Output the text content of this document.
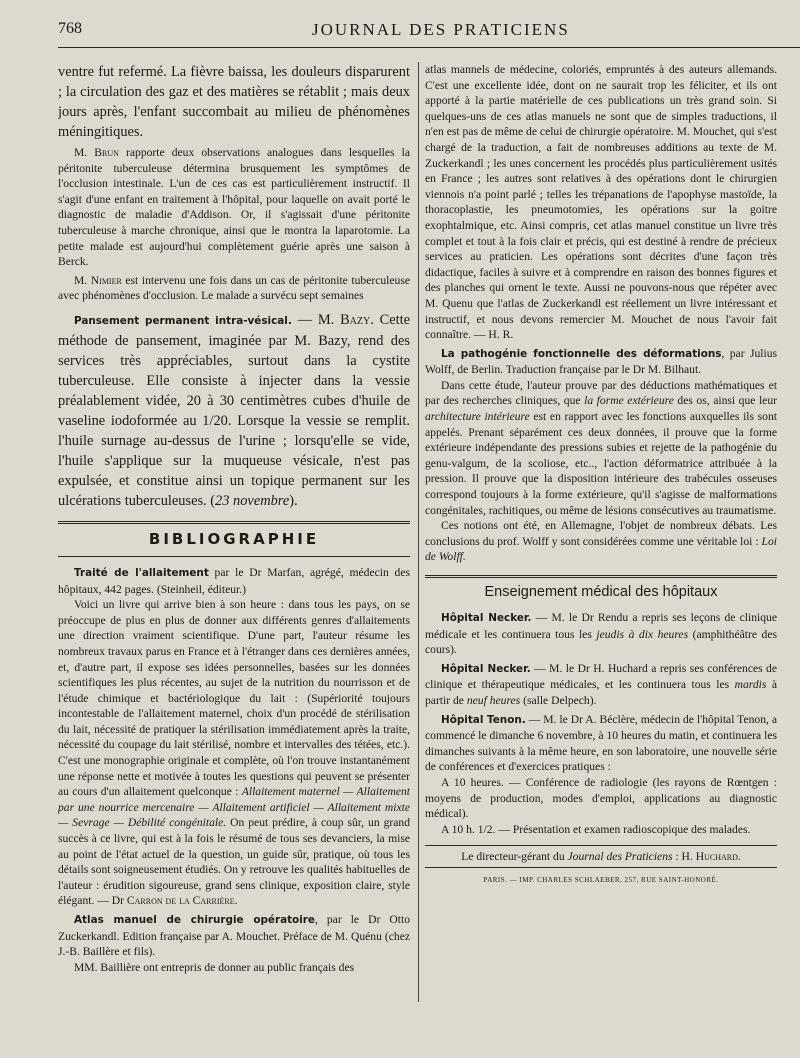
768	JOURNAL DES PRATICIENS

ventre fut refermé. La fièvre baissa, les douleurs disparurent ; la circulation des gaz et des matières se rétablit ; mais deux jours après, l'enfant succombait au milieu de phénomènes méningitiques.

M. Brun rapporte deux observations analogues dans lesquelles la péritonite tuberculeuse détermina brusquement les symptômes de l'occlusion intestinale. L'un de ces cas est particulièrement instructif. Il s'agit d'une enfant en traitement à l'hôpital, pour laquelle on avait porté le diagnostic de maladie d'Addison. Or, il s'agissait d'une péritonite tuberculeuse à marche chronique, ainsi que le montra la laparotomie. La petite malade est aujourd'hui complètement guérie après une saison à Berck.

M. Nimier est intervenu une fois dans un cas de péritonite tuberculeuse avec phénomènes d'occlusion. Le malade a survécu sept semaines

Pansement permanent intra-vésical. — M. Bazy. Cette méthode de pansement, imaginée par M. Bazy, rend des services très appréciables, surtout dans la cystite tuberculeuse. Elle consiste à injecter dans la vessie préalablement vidée, 20 à 30 centimètres cubes d'huile de vaseline iodoformée au 1/20. Lorsque la vessie se remplit. l'huile surnage au-dessus de l'urine ; lorsqu'elle se vide, l'huile s'applique sur la muqueuse vésicale, n'est pas expulsée, et constitue ainsi un topique permanent sur les ulcérations tuberculeuses. (23 novembre).

BIBLIOGRAPHIE

Traité de l'allaitement par le Dr Marfan, agrégé, médecin des hôpitaux, 442 pages. (Steinheil, éditeur.)

Voici un livre qui arrive bien à son heure : dans tous les pays, on se préoccupe de plus en plus de donner aux différents genres d'allaitements une direction vraiment scientifique. D'une part, l'auteur résume les nombreux travaux parus en France et à l'étranger dans ces dernières années, et, d'autre part, il expose ses idées personnelles, basées sur les données scientifiques les plus récentes, au sujet de la nutrition du nourrisson et de l'étude chimique et bactériologique du lait : (Supériorité toujours incontestable de l'allaitement maternel, choix d'un procédé de stérilisation du lait, nécessité de pratiquer la stérilisation immédiatement après la traite, nécessité du coupage du lait stérilisé, nombre et intervalles des tétées, etc.). C'est une monographie originale et complète, où l'on trouve instantanément une réponse nette et motivée à toutes les questions qui peuvent se présenter au cours d'un allaitement quelconque : Allaitement maternel — Allaitement par une nourrice mercenaire — Allaitement artificiel — Allaitement mixte — Sevrage — Débilité congénitale. On peut prédire, à coup sûr, un grand succès à ce livre, qui est à la fois le résumé de tous ses devanciers, la mise au point de l'état actuel de la question, un guide sûr, pratique, où tous les détails sont soigneusement étudiés. On y retrouve les qualités habituelles de l'auteur : érudition sigoureuse, grand sens clinique, exposition claire, style élégant. — Dr Carron de la Carrière.

Atlas manuel de chirurgie opératoire, par le Dr Otto Zuckerkandl. Edition française par A. Mouchet. Préface de M. Quénu (chez J.-B. Baillère et fils).

MM. Baillière ont entrepris de donner au public français des

atlas mannels de médecine, coloriés, empruntés à des auteurs allemands. C'est une excellente idée, dont on ne saurait trop les féliciter, et ils ont apporté à la partie matérielle de ces publications un très grand soin. Si quelques-uns de ces atlas manuels ne sont que de simples traductions, il n'en est pas de même de celui de chirurgie opératoire. M. Mouchet, qui s'est chargé de la traduction, a fait de nombreuses additions au texte de M. Zuckerkandl ; les unes concernent les procédés plus particulièrement usités en France ; les autres sont relatives à des opérations dont le chirurgien viennois n'a point parlé ; telles les trépanations de l'apophyse mastoïde, la thoracoplastie, les pneumotomies, les opérations sur la goitre exophtalmique, etc. Ainsi compris, cet atlas manuel constitue un livre très complet et tout à la fois clair et précis, qui est destiné à rendre de précieux services au praticien. Les opérations sont décrites d'une façon très didactique, faciles à suivre et à comprendre en raison des bonnes figures et des planches qui ornent le texte. Aussi ne pouvons-nous que répéter avec M. Quenu que l'atlas de Zuckerkandl est réellement un livre intéressant et instructif, et nous devons remercier M. Mouchet de nous l'avoir fait connaître. — H. R.

La pathogénie fonctionnelle des déformations, par Julius Wolff, de Berlin. Traduction française par le Dr M. Bilhaut.

Dans cette étude, l'auteur prouve par des déductions mathématiques et par des recherches cliniques, que la forme extérieure des os, ainsi que leur architecture intérieure est en rapport avec les fonctions auxquelles ils sont appelés. Prenant séparément ces deux données, il prouve que la forme extérieure indépendante des pressions subies et rejette de la pathogénie du genu-valgum, de la scoliose, etc.., l'action déformatrice attribuée à la pression. Il prouve que la disposition intérieure des trabécules osseuses correspond toujours à la forme extérieure, qu'il s'agisse de malformations congénitales, rachitiques, ou même de lésions consécutives au traumatisme.

Ces notions ont été, en Allemagne, l'objet de nombreux débats. Les conclusions du prof. Wolff y sont considérées comme une véritable loi : Loi de Wolff.

Enseignement médical des hôpitaux

Hôpital Necker. — M. le Dr Rendu a repris ses leçons de clinique médicale et les continuera tous les jeudis à dix heures (amphithéâtre des cours).

Hôpital Necker. — M. le Dr H. Huchard a repris ses conférences de clinique et thérapeutique médicales, et les continuera tous les mardis à partir de neuf heures (salle Delpech).

Hôpital Tenon. — M. le Dr A. Béclère, médecin de l'hôpital Tenon, a commencé le dimanche 6 novembre, à 10 heures du matin, et continuera les dimanches suivants à la même heure, en son laboratoire, une nouvelle série de conférences et d'exercices pratiques :

A 10 heures. — Conférence de radiologie (les rayons de Rœntgen : moyens de production, modes d'emploi, applications au diagnostic médical).

A 10 h. 1/2. — Présentation et examen radioscopique des malades.

Le directeur-gérant du Journal des Praticiens : H. Huchard.
PARIS. — IMP. CHARLES SCHLAEBER, 257, RUE SAINT-HONORÉ.
